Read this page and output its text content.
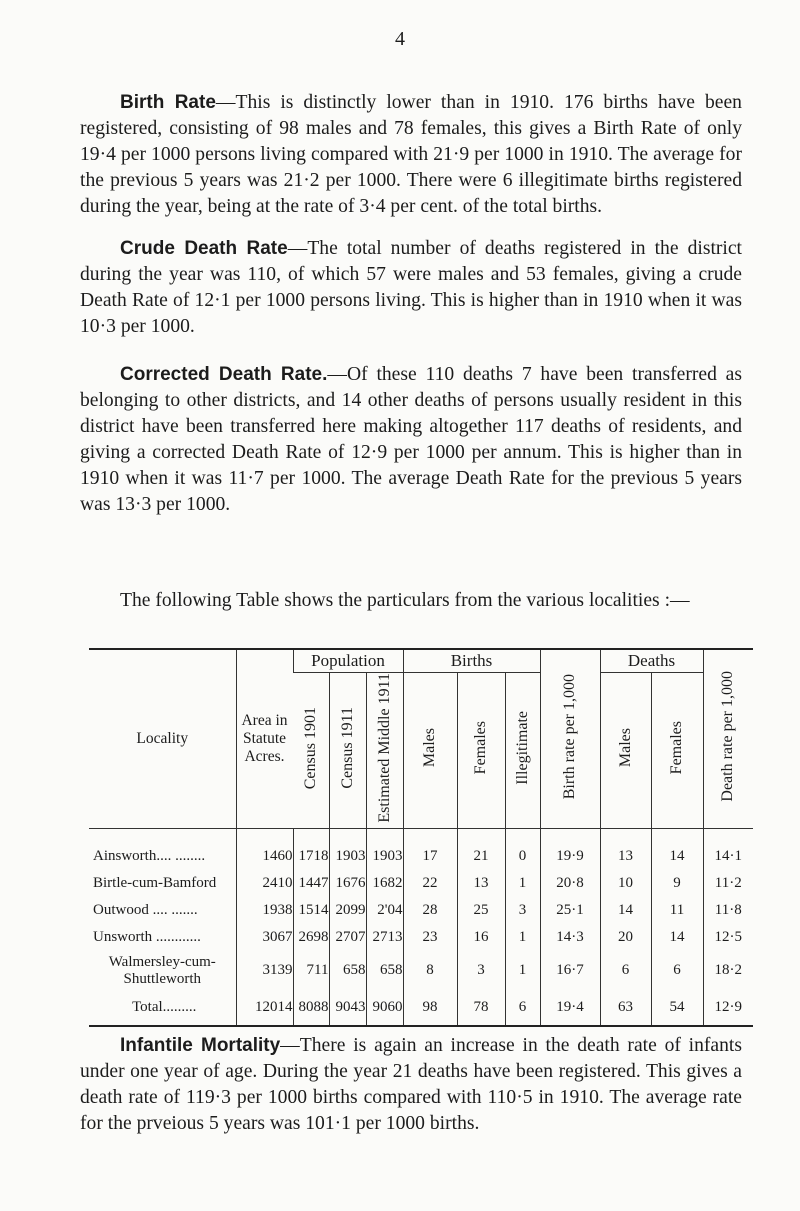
4
Birth Rate—This is distinctly lower than in 1910. 176 births have been registered, consisting of 98 males and 78 females, this gives a Birth Rate of only 19·4 per 1000 persons living compared with 21·9 per 1000 in 1910. The average for the previous 5 years was 21·2 per 1000. There were 6 illegitimate births registered during the year, being at the rate of 3·4 per cent. of the total births.
Crude Death Rate—The total number of deaths registered in the district during the year was 110, of which 57 were males and 53 females, giving a crude Death Rate of 12·1 per 1000 persons living. This is higher than in 1910 when it was 10·3 per 1000.
Corrected Death Rate.—Of these 110 deaths 7 have been transferred as belonging to other districts, and 14 other deaths of persons usually resident in this district have been transferred here making altogether 117 deaths of residents, and giving a corrected Death Rate of 12·9 per 1000 per annum. This is higher than in 1910 when it was 11·7 per 1000. The average Death Rate for the previous 5 years was 13·3 per 1000.
The following Table shows the particulars from the various localities :—
Locality	Area in Statute Acres.	Population			Births			Birth rate per 1,000	Deaths		Death rate per 1,000
		Census 1901	Census 1911	Estimated Middle 1911	Males	Females	Illegitimate		Males	Females	

Ainsworth.... ........	1460	1718	1903	1903	17	21	0	19·9	13	14	14·1
Birtle-cum-Bamford	2410	1447	1676	1682	22	13	1	20·8	10	9	11·2
Outwood .... .......	1938	1514	2099	2'04	28	25	3	25·1	14	11	11·8
Unsworth ............	3067	2698	2707	2713	23	16	1	14·3	20	14	12·5
Walmersley-cum-
Shuttleworth	3139	711	658	658	8	3	1	16·7	6	6	18·2
Total.........	12014	8088	9043	9060	98	78	6	19·4	63	54	12·9
Infantile Mortality—There is again an increase in the death rate of infants under one year of age. During the year 21 deaths have been registered. This gives a death rate of 119·3 per 1000 births compared with 110·5 in 1910. The average rate for the prveious 5 years was 101·1 per 1000 births.
